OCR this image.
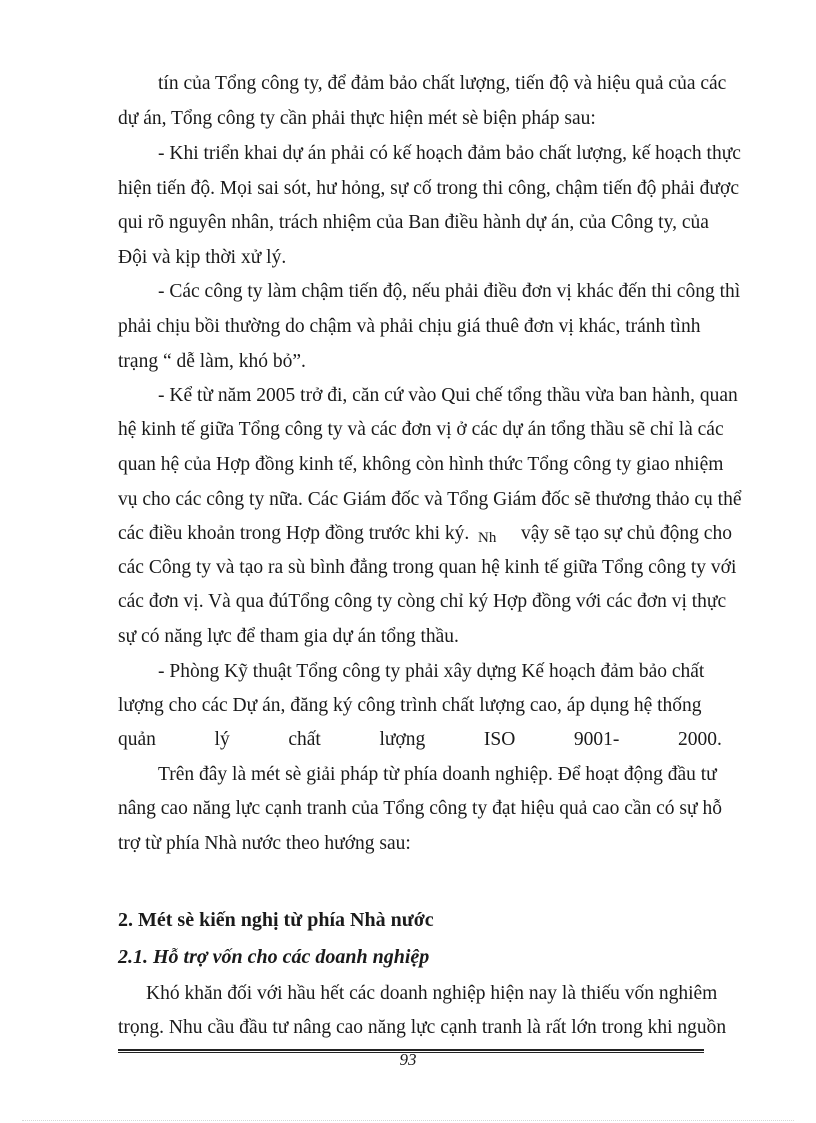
tín của Tổng công ty, để đảm bảo chất lượng, tiến độ và hiệu quả của các
dự án, Tổng công ty cần phải thực hiện mét sè biện pháp sau:
- Khi triển khai dự án phải có kế hoạch đảm bảo chất lượng, kế hoạch thực
hiện tiến độ. Mọi sai sót, hư hỏng, sự cố trong thi công, chậm tiến độ phải được
qui rõ nguyên nhân, trách nhiệm của Ban điều hành dự án, của Công ty, của
Đội và kịp thời xử lý.
- Các công ty làm chậm tiến độ, nếu phải điều đơn vị khác đến thi công thì
phải chịu bồi thường do chậm và phải chịu giá thuê đơn vị khác, tránh tình
trạng “ dễ làm, khó bỏ”.
- Kể từ năm 2005 trở đi, căn cứ vào Qui chế tổng thầu vừa ban hành, quan
hệ kinh tế giữa Tổng công ty và các đơn vị ở các dự án tổng thầu sẽ chỉ là các
quan hệ của Hợp đồng kinh tế, không còn hình thức Tổng công ty giao nhiệm
vụ cho các công ty nữa. Các Giám đốc và Tổng Giám đốc sẽ thương thảo cụ thể
các điều khoản trong Hợp đồng trước khi ký. Nh vậy sẽ tạo sự chủ động cho
các Công ty và tạo ra sù bình đẳng trong quan hệ kinh tế giữa Tổng công ty với
các đơn vị. Và qua đúTổng công ty còng chỉ ký Hợp đồng với các đơn vị thực
sự có năng lực để tham gia dự án tổng thầu.
- Phòng Kỹ thuật Tổng công ty phải xây dựng Kế hoạch đảm bảo chất
lượng cho các Dự án, đăng ký công trình chất lượng cao, áp dụng hệ thống
quản	lý	chất	lượng	ISO	9001-	2000.
Trên đây là mét sè giải pháp từ phía doanh nghiệp. Để hoạt động đầu tư
nâng cao năng lực cạnh tranh của Tổng công ty đạt hiệu quả cao cần có sự hỗ
trợ từ phía Nhà nước theo hướng sau:
2. Mét sè kiến nghị từ phía Nhà nước
2.1. Hỗ trợ vốn cho các doanh nghiệp
Khó khăn đối với hầu hết các doanh nghiệp hiện nay là thiếu vốn nghiêm
trọng. Nhu cầu đầu tư nâng cao năng lực cạnh tranh là rất lớn trong khi nguồn
93
